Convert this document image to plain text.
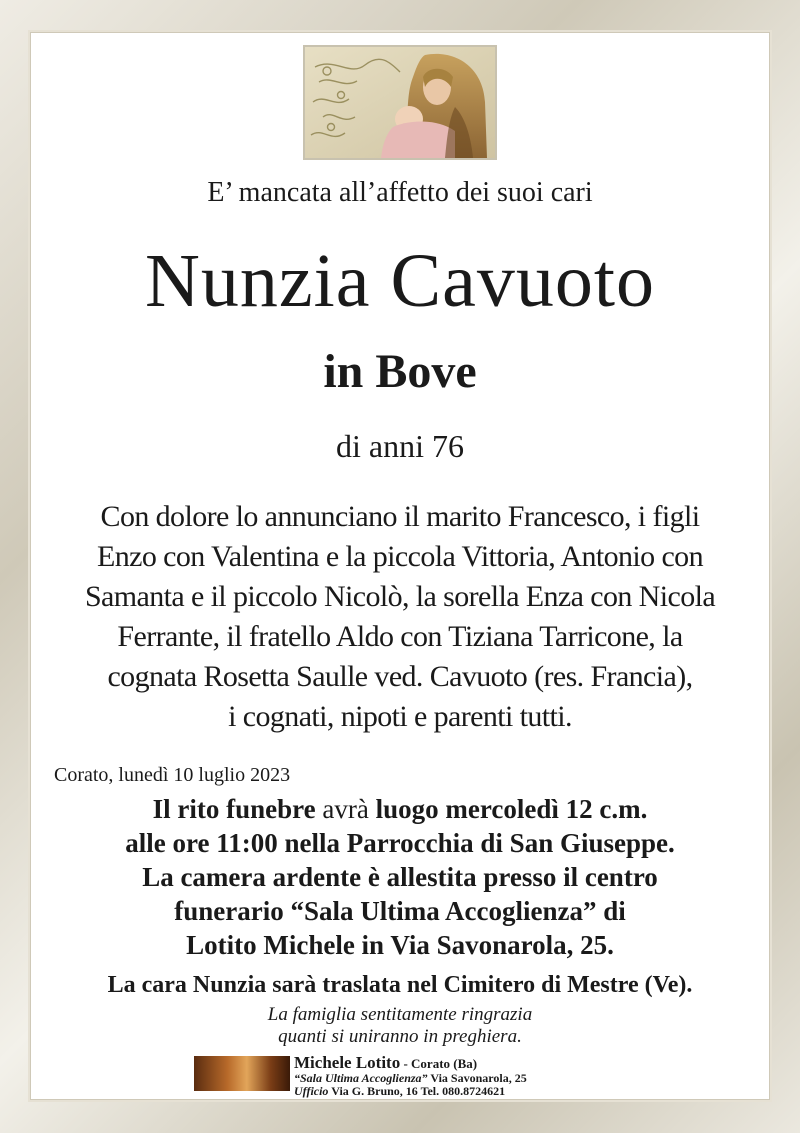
E’ mancata all’affetto dei suoi cari
Nunzia Cavuoto
in Bove
di anni 76
Con dolore lo annunciano il marito Francesco, i figli
Enzo con Valentina e la piccola Vittoria, Antonio con
Samanta e il piccolo Nicolò, la sorella Enza con Nicola
Ferrante, il fratello Aldo con Tiziana Tarricone, la
cognata Rosetta Saulle ved. Cavuoto (res. Francia),
i cognati, nipoti e parenti tutti.
Corato, lunedì 10 luglio 2023
Il rito funebre avrà luogo mercoledì 12 c.m.
alle ore 11:00 nella Parrocchia di San Giuseppe.
La camera ardente è allestita presso il centro
funerario “Sala Ultima Accoglienza” di
Lotito Michele in Via Savonarola, 25.
La cara Nunzia sarà traslata nel Cimitero di Mestre (Ve).
La famiglia sentitamente ringrazia
quanti si uniranno in preghiera.
Michele Lotito - Corato (Ba)
“Sala Ultima Accoglienza” Via Savonarola, 25
Ufficio Via G. Bruno, 16 Tel. 080.8724621
